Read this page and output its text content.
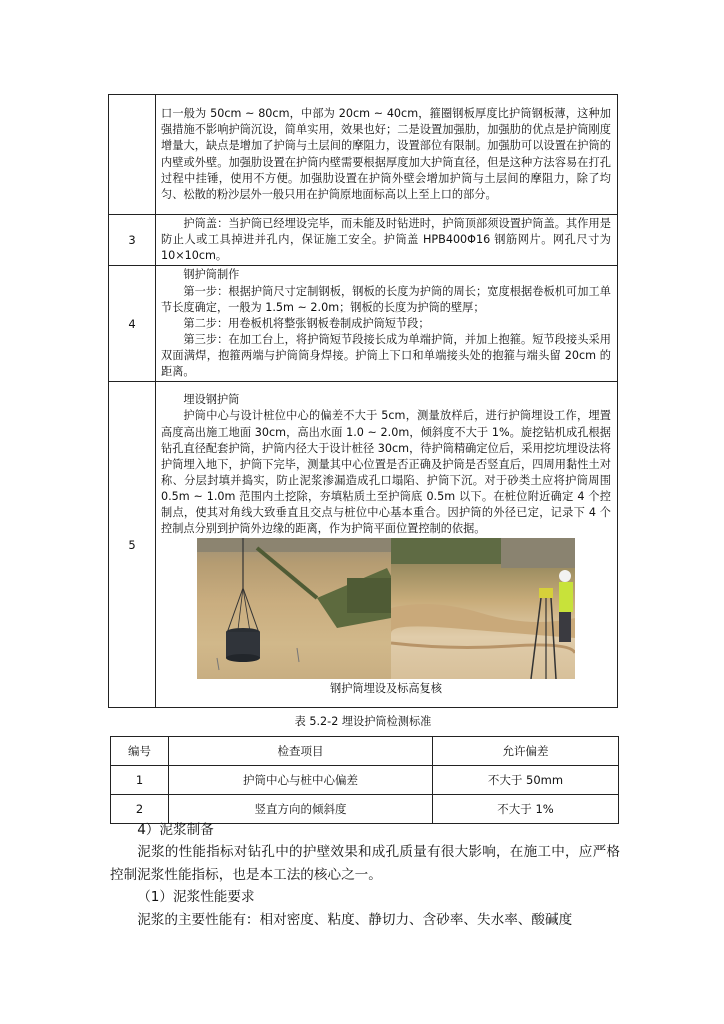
	口一般为 50cm ~ 80cm，中部为 20cm ~ 40cm，箍圈钢板厚度比护筒钢板薄，这种加强措施不影响护筒沉设，简单实用，效果也好；二是设置加强肋，加强肋的优点是护筒刚度增量大，缺点是增加了护筒与土层间的摩阻力，设置部位有限制。加强肋可以设置在护筒的内壁或外壁。加强肋设置在护筒内壁需要根据厚度加大护筒直径，但是这种方法容易在打孔过程中挂锤，使用不方便。加强肋设置在护筒外壁会增加护筒与土层间的摩阻力，除了均匀、松散的粉沙层外一般只用在护筒原地面标高以上至上口的部分。

3	护筒盖：当护筒已经埋设完毕，而未能及时钻进时，护筒顶部须设置护筒盖。其作用是防止人或工具掉进并孔内，保证施工安全。护筒盖 HPB400Φ16 钢筋网片。网孔尺寸为 10×10cm。

4	钢护筒制作

第一步：根据护筒尺寸定制钢板，钢板的长度为护筒的周长；宽度根据卷板机可加工单节长度确定，一般为 1.5m ~ 2.0m；钢板的长度为护筒的壁厚；

第二步：用卷板机将整张钢板卷制成护筒短节段；

第三步：在加工台上，将护筒短节段接长成为单端护筒，并加上抱箍。短节段接头采用双面满焊，抱箍两端与护筒筒身焊接。护筒上下口和单端接头处的抱箍与端头留 20cm 的距离。

5	埋设钢护筒

护筒中心与设计桩位中心的偏差不大于 5cm，测量放样后，进行护筒埋设工作，埋置高度高出施工地面 30cm，高出水面 1.0 ~ 2.0m，倾斜度不大于 1%。旋挖钻机成孔根据钻孔直径配套护筒，护筒内径大于设计桩径 30cm，待护筒精确定位后，采用挖坑埋设法将护筒埋入地下，护筒下完毕，测量其中心位置是否正确及护筒是否竖直后，四周用黏性土对称、分层封填并捣实，防止泥浆渗漏造成孔口塌陷、护筒下沉。对于砂类土应将护筒周围 0.5m ~ 1.0m 范围内土挖除，夯填粘质土至护筒底 0.5m 以下。在桩位附近确定 4 个控制点，使其对角线大致垂直且交点与桩位中心基本重合。因护筒的外径已定，记录下 4 个控制点分别到护筒外边缘的距离，作为护筒平面位置控制的依据。

钢护筒埋设及标高复核
表 5.2-2 埋设护筒检测标准
编号	检查项目	允许偏差
1	护筒中心与桩中心偏差	不大于 50mm
2	竖直方向的倾斜度	不大于 1%

4）泥浆制备

泥浆的性能指标对钻孔中的护壁效果和成孔质量有很大影响，在施工中，应严格控制泥浆性能指标，也是本工法的核心之一。

（1）泥浆性能要求

泥浆的主要性能有：相对密度、粘度、静切力、含砂率、失水率、酸碱度
